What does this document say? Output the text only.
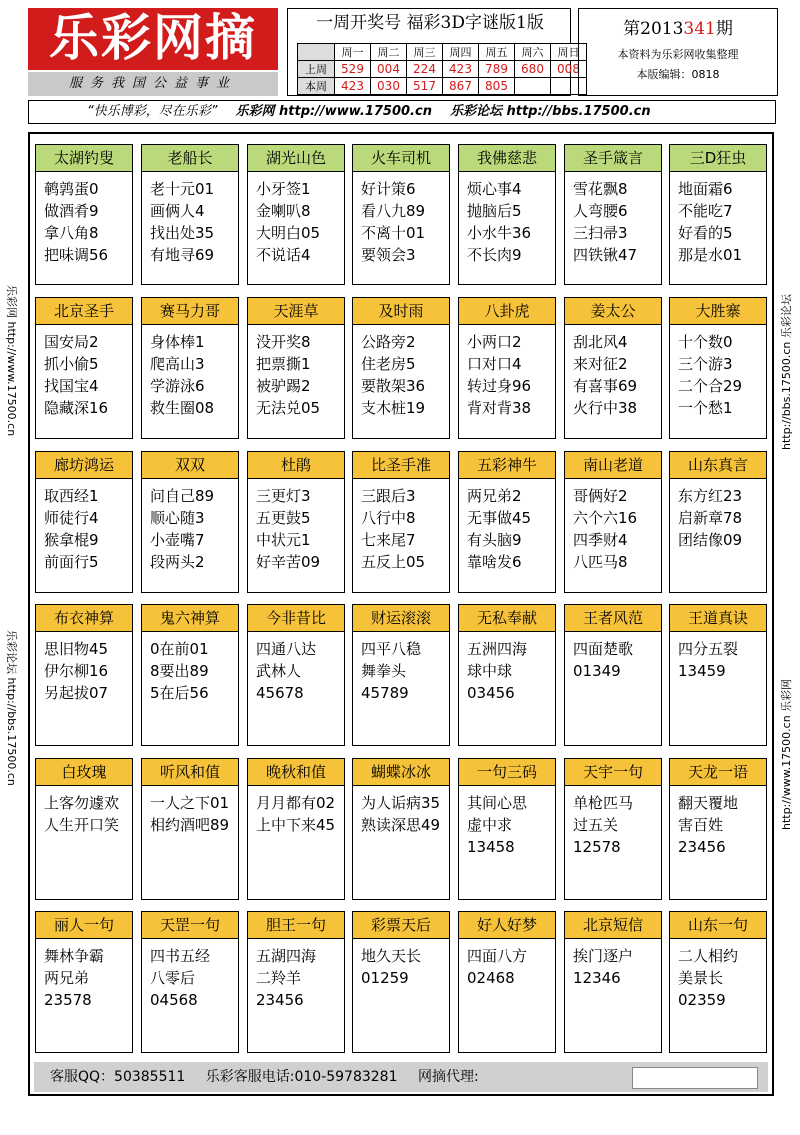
乐彩网摘
服务我国公益事业
一周开奖号 福彩3D字谜版1版
	周一	周二	周三	周四	周五	周六	周日
上周	529	004	224	423	789	680	008
本周	423	030	517	867	805		
第2013341期
本资料为乐彩网收集整理
本版编辑：0818
“快乐博彩，尽在乐彩” 乐彩网 http://www.17500.cn 乐彩论坛 http://bbs.17500.cn
太湖钓叟
鹌鹑蛋0
做酒肴9
拿八角8
把味调56
老船长
老十元01
画俩人4
找出处35
有地寻69
湖光山色
小牙签1
金喇叭8
大明白05
不说话4
火车司机
好计策6
看八九89
不离十01
要领会3
我佛慈悲
烦心事4
抛脑后5
小水牛36
不长肉9
圣手箴言
雪花飘8
人弯腰6
三扫帚3
四铁锹47
三D狂虫
地面霜6
不能吃7
好看的5
那是水01
北京圣手
国安局2
抓小偷5
找国宝4
隐藏深16
赛马力哥
身体棒1
爬高山3
学游泳6
救生圈08
天涯草
没开奖8
把票撕1
被驴踢2
无法兑05
及时雨
公路旁2
住老房5
要散架36
支木桩19
八卦虎
小两口2
口对口4
转过身96
背对背38
姜太公
刮北风4
来对征2
有喜事69
火行中38
大胜寨
十个数0
三个游3
二个合29
一个愁1
廊坊鸿运
取西经1
师徒行4
猴拿棍9
前面行5
双双
问自己89
顺心随3
小壶嘴7
段两头2
杜鹃
三更灯3
五更鼓5
中状元1
好辛苦09
比圣手准
三跟后3
八行中8
七来尾7
五反上05
五彩神牛
两兄弟2
无事做45
有头脑9
靠啥发6
南山老道
哥俩好2
六个六16
四季财4
八匹马8
山东真言
东方红23
启新章78
团结像09
布衣神算
思旧物45
伊尔柳16
另起拔07
鬼六神算
0在前01
8要出89
5在后56
今非昔比
四通八达
武林人
45678
财运滚滚
四平八稳
舞拳头
45789
无私奉献
五洲四海
球中球
03456
王者风范
四面楚歌
01349
王道真诀
四分五裂
13459
白玫瑰
上客勿遽欢
人生开口笑
听风和值
一人之下01
相约酒吧89
晚秋和值
月月都有02
上中下来45
蝴蝶冰冰
为人诟病35
熟读深思49
一句三码
其间心思
虚中求
13458
天宇一句
单枪匹马
过五关
12578
天龙一语
翻天覆地
害百姓
23456
丽人一句
舞林争霸
两兄弟
23578
天罡一句
四书五经
八零后
04568
胆王一句
五湖四海
二羚羊
23456
彩票天后
地久天长
01259
好人好梦
四面八方
02468
北京短信
挨门逐户
12346
山东一句
二人相约
美景长
02359
客服QQ：50385511 乐彩客服电话:010-59783281 网摘代理:
乐彩网 http://www.17500.cn
乐彩论坛 http://bbs.17500.cn
http://bbs.17500.cn 乐彩论坛
http://www.17500.cn 乐彩网
